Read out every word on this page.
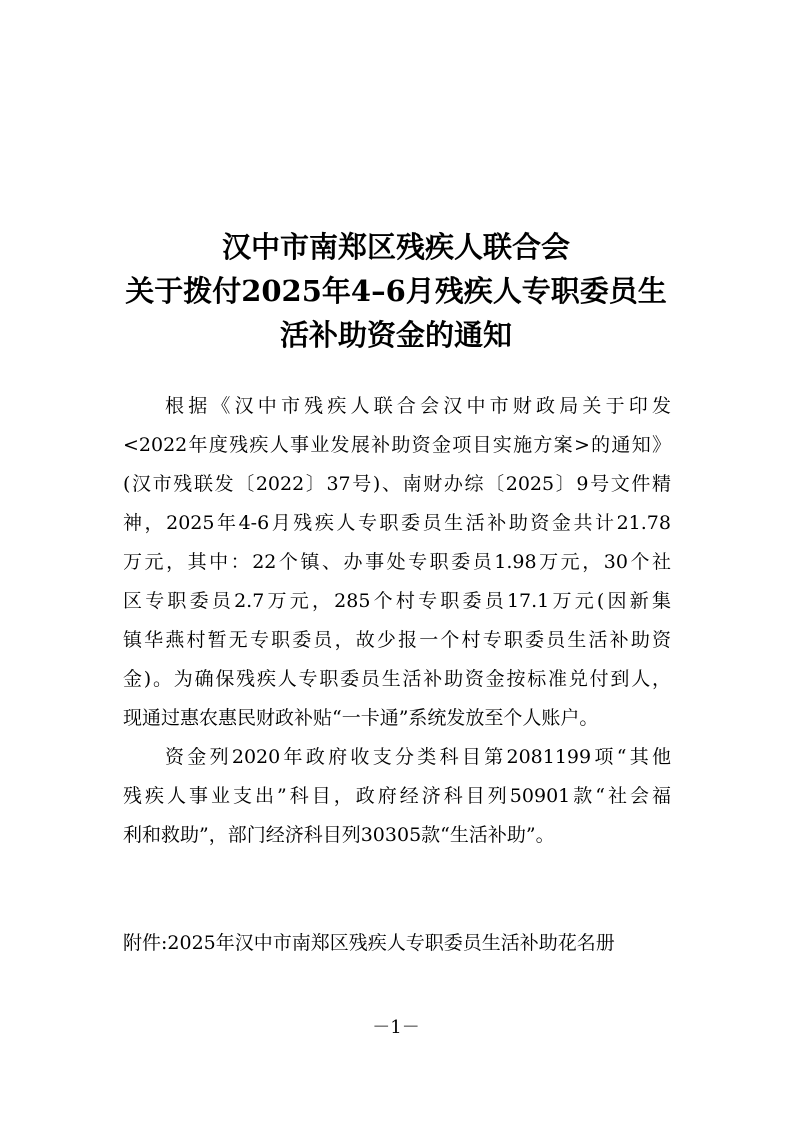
汉中市南郑区残疾人联合会
关于拨付2025年4–6月残疾人专职委员生
活补助资金的通知
根据《汉中市残疾人联合会汉中市财政局关于印发
<2022年度残疾人事业发展补助资金项目实施方案>的通知》
(汉市残联发〔2022〕37号)、南财办综〔2025〕9号文件精
神，2025年4-6月残疾人专职委员生活补助资金共计21.78
万元，其中：22个镇、办事处专职委员1.98万元，30个社
区专职委员2.7万元，285个村专职委员17.1万元(因新集
镇华燕村暂无专职委员，故少报一个村专职委员生活补助资
金)。为确保残疾人专职委员生活补助资金按标准兑付到人，
现通过惠农惠民财政补贴“一卡通”系统发放至个人账户。
资金列2020年政府收支分类科目第2081199项“其他
残疾人事业支出”科目，政府经济科目列50901款“社会福
利和救助”，部门经济科目列30305款“生活补助”。
附件:2025年汉中市南郑区残疾人专职委员生活补助花名册
－1－
